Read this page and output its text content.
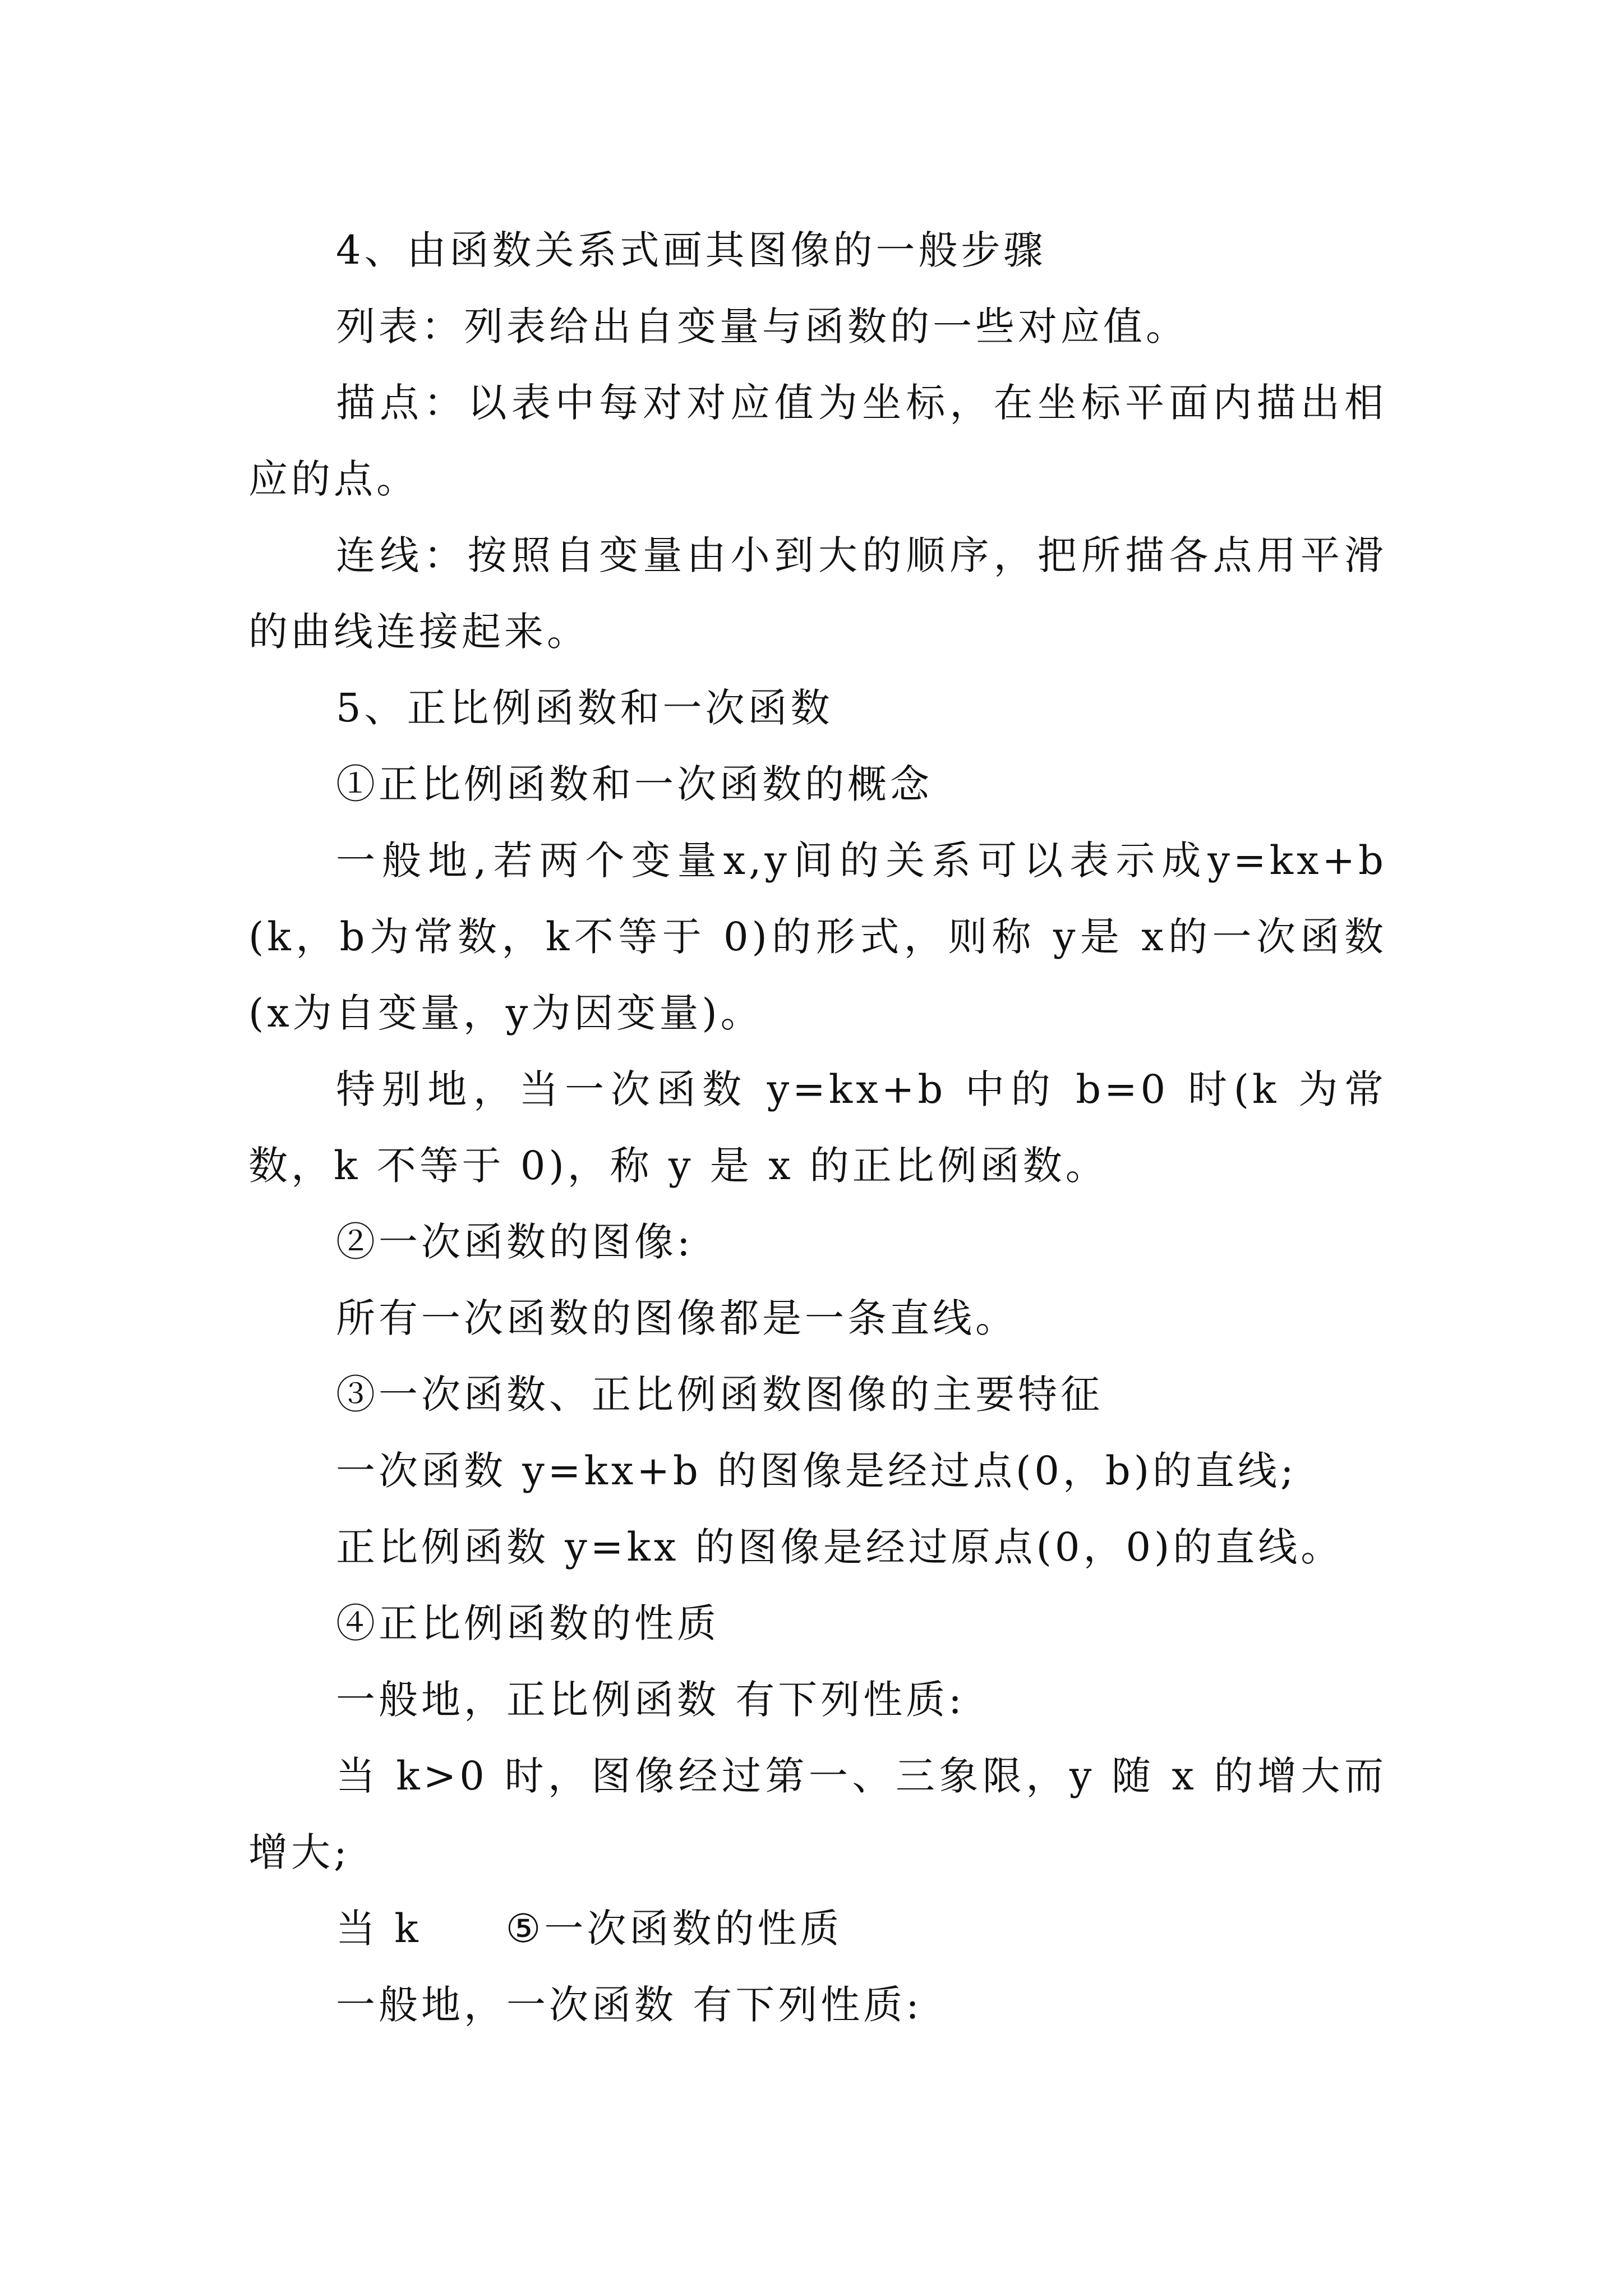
4、由函数关系式画其图像的一般步骤

列表：列表给出自变量与函数的一些对应值。

描点：以表中每对对应值为坐标，在坐标平面内描出相应的点。

连线：按照自变量由小到大的顺序，把所描各点用平滑的曲线连接起来。

5、正比例函数和一次函数

①正比例函数和一次函数的概念

一般地,若两个变量x,y间的关系可以表示成y=kx+b (k，b为常数，k不等于 0)的形式，则称 y是 x的一次函数(x为自变量，y为因变量)。

特别地，当一次函数 y=kx+b 中的 b=0 时(k 为常数，k 不等于 0)，称 y 是 x 的正比例函数。

②一次函数的图像:

所有一次函数的图像都是一条直线。

③一次函数、正比例函数图像的主要特征

一次函数 y=kx+b 的图像是经过点(0，b)的直线;

正比例函数 y=kx 的图像是经过原点(0，0)的直线。

④正比例函数的性质

一般地，正比例函数 有下列性质:

当 k>0 时，图像经过第一、三象限，y 随 x 的增大而增大;

当 k ⑤一次函数的性质

一般地，一次函数 有下列性质:
